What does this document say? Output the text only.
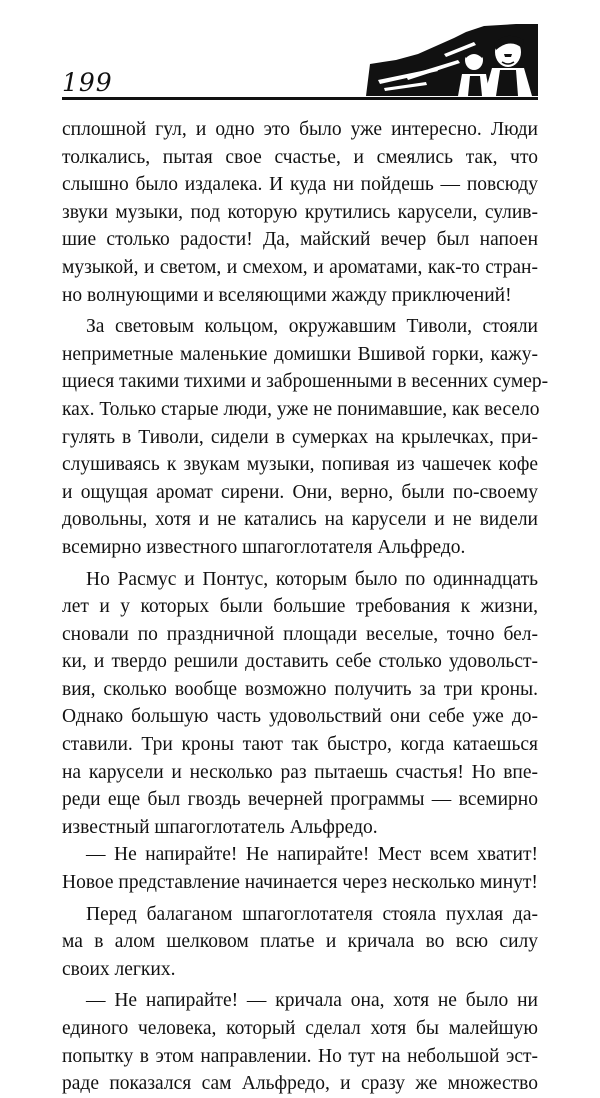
199
сплошной гул, и одно это было уже интересно. Люди
толкались, пытая свое счастье, и смеялись так, что
слышно было издалека. И куда ни пойдешь — повсюду
звуки музыки, под которую крутились карусели, сулив-
шие столько радости! Да, майский вечер был напоен
музыкой, и светом, и смехом, и ароматами, как-то стран-
но волнующими и вселяющими жажду приключений!
За световым кольцом, окружавшим Тиволи, стояли
неприметные маленькие домишки Вшивой горки, кажу-
щиеся такими тихими и заброшенными в весенних сумер-
ках. Только старые люди, уже не понимавшие, как весело
гулять в Тиволи, сидели в сумерках на крылечках, при-
слушиваясь к звукам музыки, попивая из чашечек кофе
и ощущая аромат сирени. Они, верно, были по-своему
довольны, хотя и не катались на карусели и не видели
всемирно известного шпагоглотателя Альфредо.
Но Расмус и Понтус, которым было по одиннадцать
лет и у которых были большие требования к жизни,
сновали по праздничной площади веселые, точно бел-
ки, и твердо решили доставить себе столько удовольст-
вия, сколько вообще возможно получить за три кроны.
Однако большую часть удовольствий они себе уже до-
ставили. Три кроны тают так быстро, когда катаешься
на карусели и несколько раз пытаешь счастья! Но впе-
реди еще был гвоздь вечерней программы — всемирно
известный шпагоглотатель Альфредо.
— Не напирайте! Не напирайте! Мест всем хватит!
Новое представление начинается через несколько минут!
Перед балаганом шпагоглотателя стояла пухлая да-
ма в алом шелковом платье и кричала во всю силу
своих легких.
— Не напирайте! — кричала она, хотя не было ни
единого человека, который сделал хотя бы малейшую
попытку в этом направлении. Но тут на небольшой эст-
раде показался сам Альфредо, и сразу же множество
